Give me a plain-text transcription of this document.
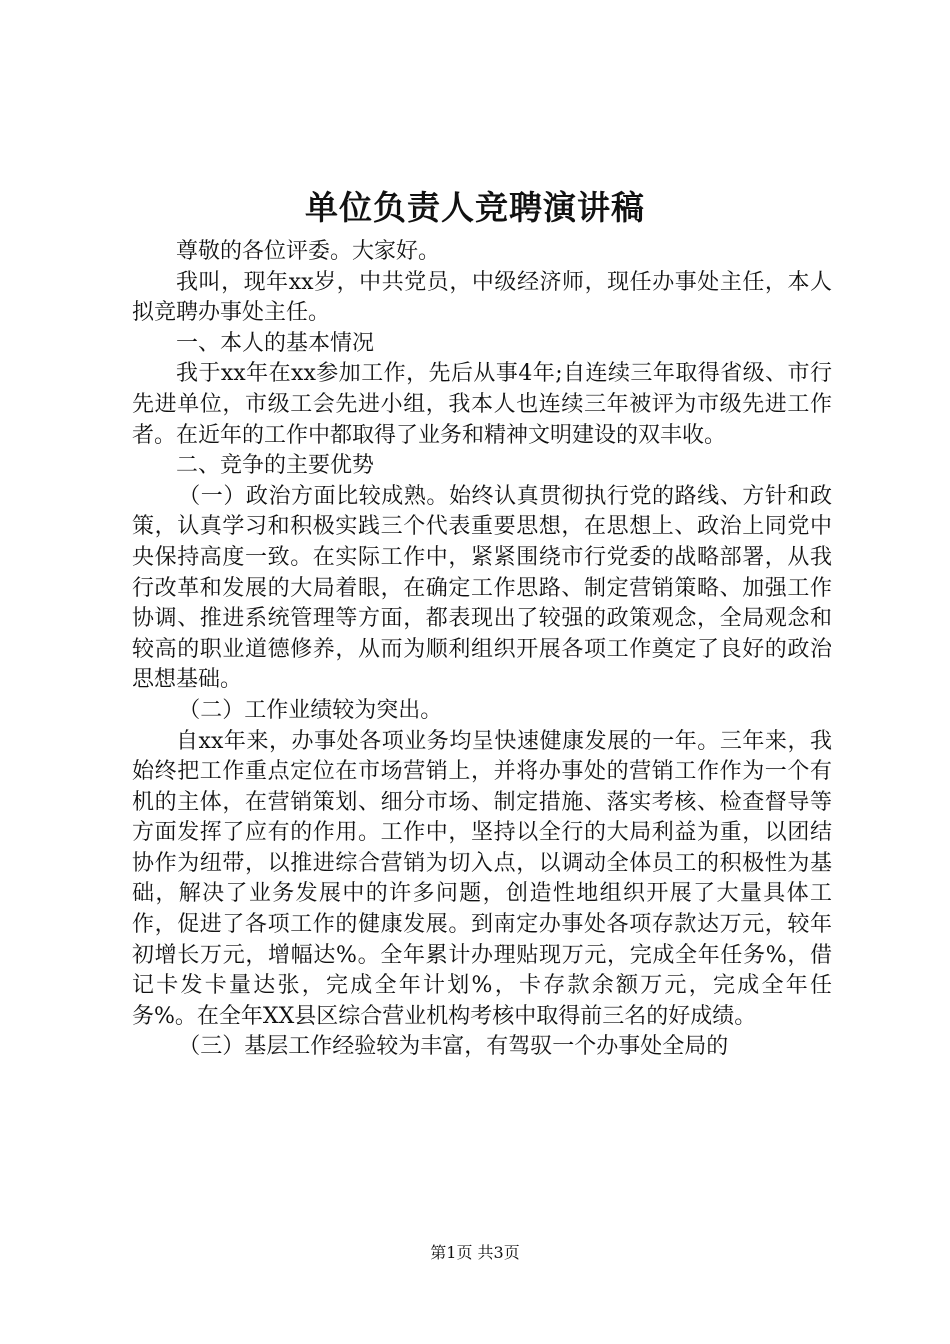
单位负责人竞聘演讲稿

尊敬的各位评委。大家好。

我叫，现年xx岁，中共党员，中级经济师，现任办事处主任，本人拟竞聘办事处主任。

一、本人的基本情况

我于xx年在xx参加工作，先后从事4年;自连续三年取得省级、市行先进单位，市级工会先进小组，我本人也连续三年被评为市级先进工作者。在近年的工作中都取得了业务和精神文明建设的双丰收。

二、竞争的主要优势

（一）政治方面比较成熟。始终认真贯彻执行党的路线、方针和政策，认真学习和积极实践三个代表重要思想，在思想上、政治上同党中央保持高度一致。在实际工作中，紧紧围绕市行党委的战略部署，从我行改革和发展的大局着眼，在确定工作思路、制定营销策略、加强工作协调、推进系统管理等方面，都表现出了较强的政策观念，全局观念和较高的职业道德修养，从而为顺利组织开展各项工作奠定了良好的政治思想基础。

（二）工作业绩较为突出。

自xx年来，办事处各项业务均呈快速健康发展的一年。三年来，我始终把工作重点定位在市场营销上，并将办事处的营销工作作为一个有机的主体，在营销策划、细分市场、制定措施、落实考核、检查督导等方面发挥了应有的作用。工作中，坚持以全行的大局利益为重，以团结协作为纽带，以推进综合营销为切入点，以调动全体员工的积极性为基础，解决了业务发展中的许多问题，创造性地组织开展了大量具体工作，促进了各项工作的健康发展。到南定办事处各项存款达万元，较年初增长万元，增幅达%。全年累计办理贴现万元，完成全年任务%，借记卡发卡量达张，完成全年计划%，卡存款余额万元，完成全年任务%。在全年XX县区综合营业机构考核中取得前三名的好成绩。

（三）基层工作经验较为丰富，有驾驭一个办事处全局的

第1页 共3页
